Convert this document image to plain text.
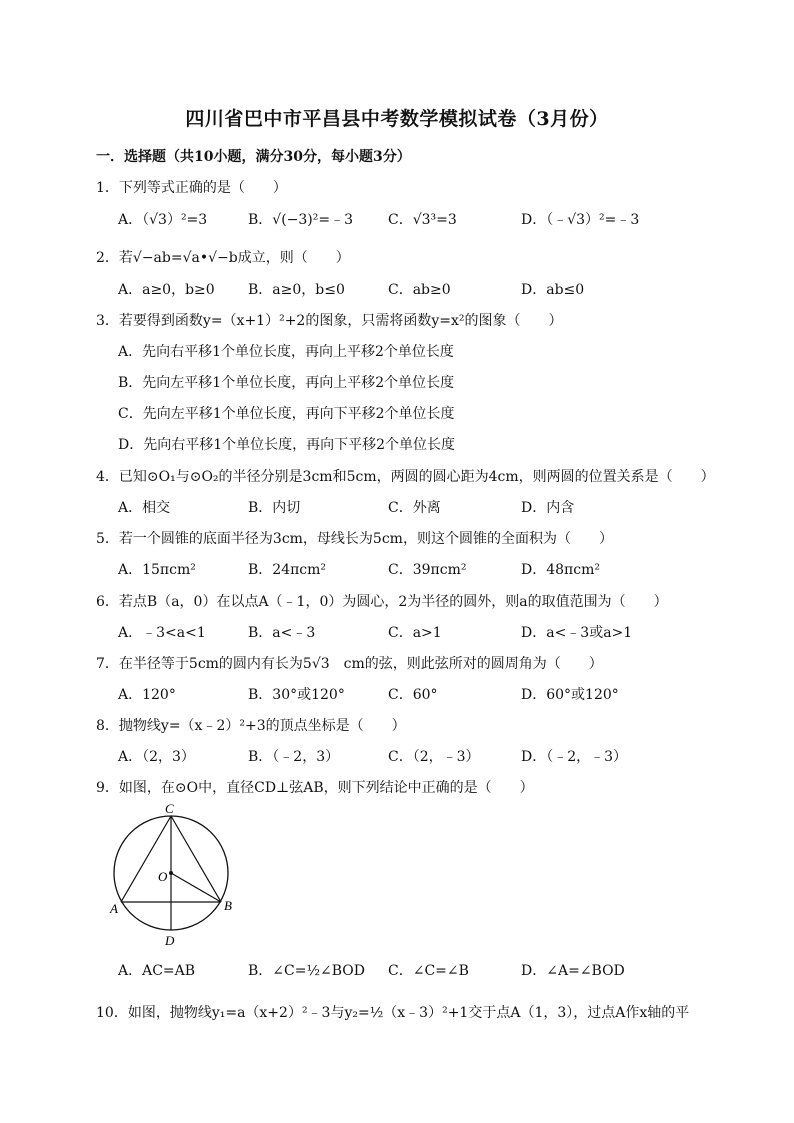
四川省巴中市平昌县中考数学模拟试卷（3月份）
一．选择题（共10小题，满分30分，每小题3分）
1．下列等式正确的是（　　）
A．（√3）²=3	B．√(−3)²=﹣3 C．√3³=3	D．（﹣√3）²=﹣3
2．若√−ab=√a•√−b成立，则（　　）
A．a≥0，b≥0 B．a≥0，b≤0	C．ab≥0	D．ab≤0
3．若要得到函数y=（x+1）²+2的图象，只需将函数y=x²的图象（　　）
A．先向右平移1个单位长度，再向上平移2个单位长度
B．先向左平移1个单位长度，再向上平移2个单位长度
C．先向左平移1个单位长度，再向下平移2个单位长度
D．先向右平移1个单位长度，再向下平移2个单位长度
4．已知⊙O₁与⊙O₂的半径分别是3cm和5cm，两圆的圆心距为4cm，则两圆的位置关系是（　　）
A．相交	B．内切	C．外离	D．内含
5．若一个圆锥的底面半径为3cm，母线长为5cm，则这个圆锥的全面积为（　　）
A．15πcm²	B．24πcm²	C．39πcm²	D．48πcm²
6．若点B（a，0）在以点A（﹣1，0）为圆心，2为半径的圆外，则a的取值范围为（　　）
A．﹣3<a<1	B．a<﹣3	C．a>1	D．a<﹣3或a>1
7．在半径等于5cm的圆内有长为5√3　cm的弦，则此弦所对的圆周角为（　　）
A．120°	B．30°或120°	C．60°	D．60°或120°
8．抛物线y=（x﹣2）²+3的顶点坐标是（　　）
A．（2，3）	B．（﹣2，3）	C．（2，﹣3）	D．（﹣2，﹣3）
9．如图，在⊙O中，直径CD⊥弦AB，则下列结论中正确的是（　　）
C
O
A	B
D
A．AC=AB	B．∠C=½∠BOD C．∠C=∠B	D．∠A=∠BOD
10．如图，抛物线y₁=a（x+2）²﹣3与y₂=½（x﹣3）²+1交于点A（1，3），过点A作x轴的平
